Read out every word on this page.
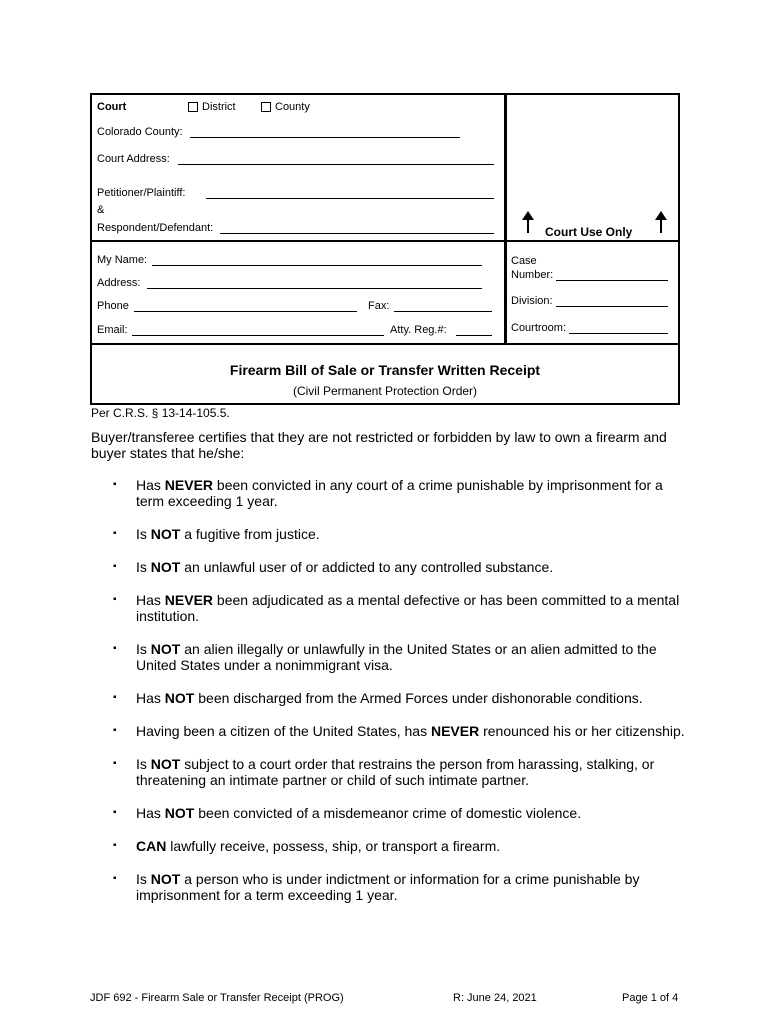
Court	District	County
Colorado County:
Court Address:
Petitioner/Plaintiff:
&
Respondent/Defendant:	Court Use Only
My Name:
Address:
Phone	Fax:
Email:	Atty. Reg.#:
Case
Number:
Division:
Courtroom:
Firearm Bill of Sale or Transfer Written Receipt
(Civil Permanent Protection Order)
Per C.R.S. § 13-14-105.5.
Buyer/transferee certifies that they are not restricted or forbidden by law to own a firearm and buyer states that he/she:
▪ Has NEVER been convicted in any court of a crime punishable by imprisonment for a term exceeding 1 year.
▪ Is NOT a fugitive from justice.
▪ Is NOT an unlawful user of or addicted to any controlled substance.
▪ Has NEVER been adjudicated as a mental defective or has been committed to a mental institution.
▪ Is NOT an alien illegally or unlawfully in the United States or an alien admitted to the United States under a nonimmigrant visa.
▪ Has NOT been discharged from the Armed Forces under dishonorable conditions.
▪ Having been a citizen of the United States, has NEVER renounced his or her citizenship.
▪ Is NOT subject to a court order that restrains the person from harassing, stalking, or threatening an intimate partner or child of such intimate partner.
▪ Has NOT been convicted of a misdemeanor crime of domestic violence.
▪ CAN lawfully receive, possess, ship, or transport a firearm.
▪ Is NOT a person who is under indictment or information for a crime punishable by imprisonment for a term exceeding 1 year.
JDF 692 - Firearm Sale or Transfer Receipt (PROG)	R: June 24, 2021	Page 1 of 4
